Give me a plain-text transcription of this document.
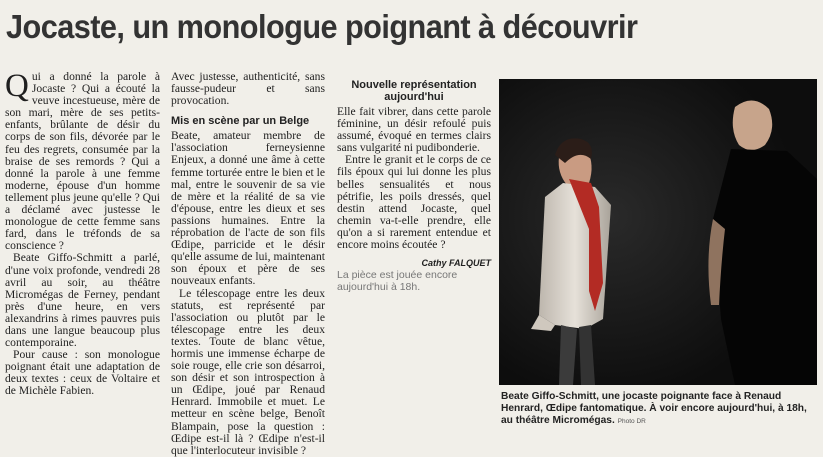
Jocaste, un monologue poignant à découvrir

Qui a donné la parole à Jocaste ? Qui a écouté la veuve incestueuse, mère de son mari, mère de ses petits-enfants, brûlante de désir du corps de son fils, dévorée par le feu des regrets, consumée par la braise de ses remords ? Qui a donné la parole à une femme moderne, épouse d'un homme tellement plus jeune qu'elle ? Qui a déclamé avec justesse le monologue de cette femme sans fard, dans le tréfonds de sa conscience ?

Beate Giffo-Schmitt a parlé, d'une voix profonde, vendredi 28 avril au soir, au théâtre Micromégas de Ferney, pendant près d'une heure, en vers alexandrins à rimes pauvres puis dans une langue beaucoup plus contemporaine.

Pour cause : son monologue poignant était une adaptation de deux textes : ceux de Voltaire et de Michèle Fabien.

Avec justesse, authenticité, sans fausse-pudeur et sans provocation.

Mis en scène par un Belge

Beate, amateur membre de l'association ferneysienne Enjeux, a donné une âme à cette femme torturée entre le bien et le mal, entre le souvenir de sa vie de mère et la réalité de sa vie d'épouse, entre les dieux et ses passions humaines. Entre la réprobation de l'acte de son fils Œdipe, parricide et le désir qu'elle assume de lui, maintenant son époux et père de ses nouveaux enfants.

Le télescopage entre les deux statuts, est représenté par l'association ou plutôt par le télescopage entre les deux textes. Toute de blanc vêtue, hormis une immense écharpe de soie rouge, elle crie son désarroi, son désir et son introspection à un Œdipe, joué par Renaud Henrard. Immobile et muet. Le metteur en scène belge, Benoît Blampain, pose la question : Œdipe est-il là ? Œdipe n'est-il que l'interlocuteur invisible ?

Nouvelle représentation aujourd'hui

Elle fait vibrer, dans cette parole féminine, un désir refoulé puis assumé, évoqué en termes clairs sans vulgarité ni pudibonderie.

Entre le granit et le corps de ce fils époux qui lui donne les plus belles sensualités et nous pétrifie, les poils dressés, quel destin attend Jocaste, quel chemin va-t-elle prendre, elle qu'on a si rarement entendue et encore moins écoutée ?

Cathy FALQUET

La pièce est jouée encore aujourd'hui à 18h.

Beate Giffo-Schmitt, une jocaste poignante face à Renaud Henrard, Œdipe fantomatique. À voir encore aujourd'hui, à 18h, au théâtre Micromégas. Photo DR
